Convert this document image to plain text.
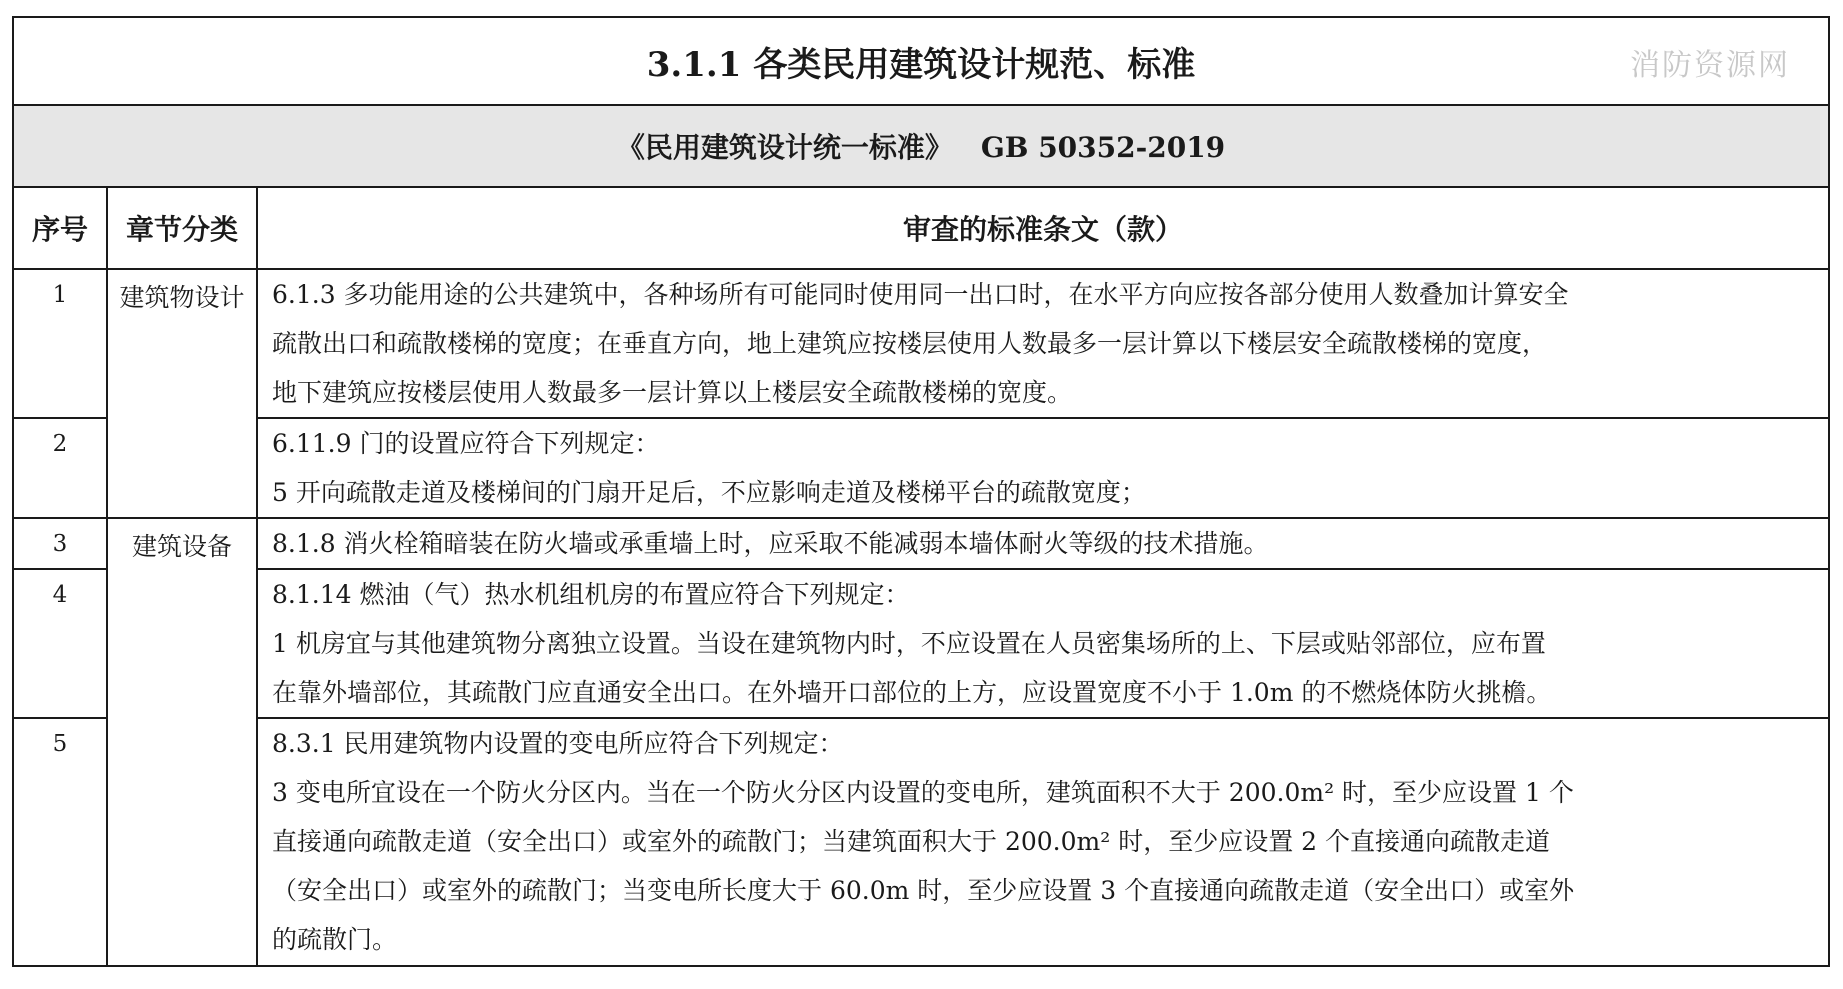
3.1.1 各类民用建筑设计规范、标准 消防资源网		

《民用建筑设计统一标准》 GB 50352-2019		
序号	章节分类	审查的标准条文（款）
1	建筑物设计	6.1.3 多功能用途的公共建筑中，各种场所有可能同时使用同一出口时，在水平方向应按各部分使用人数叠加计算安全
疏散出口和疏散楼梯的宽度；在垂直方向，地上建筑应按楼层使用人数最多一层计算以下楼层安全疏散楼梯的宽度，
地下建筑应按楼层使用人数最多一层计算以上楼层安全疏散楼梯的宽度。

2		6.11.9 门的设置应符合下列规定：
5 开向疏散走道及楼梯间的门扇开足后，不应影响走道及楼梯平台的疏散宽度；

3	建筑设备	8.1.8 消火栓箱暗装在防火墙或承重墙上时，应采取不能减弱本墙体耐火等级的技术措施。

4		8.1.14 燃油（气）热水机组机房的布置应符合下列规定：
1 机房宜与其他建筑物分离独立设置。当设在建筑物内时，不应设置在人员密集场所的上、下层或贴邻部位，应布置
在靠外墙部位，其疏散门应直通安全出口。在外墙开口部位的上方，应设置宽度不小于 1.0m 的不燃烧体防火挑檐。

5		8.3.1 民用建筑物内设置的变电所应符合下列规定：
3 变电所宜设在一个防火分区内。当在一个防火分区内设置的变电所，建筑面积不大于 200.0m² 时，至少应设置 1 个
直接通向疏散走道（安全出口）或室外的疏散门；当建筑面积大于 200.0m² 时，至少应设置 2 个直接通向疏散走道
（安全出口）或室外的疏散门；当变电所长度大于 60.0m 时，至少应设置 3 个直接通向疏散走道（安全出口）或室外
的疏散门。
